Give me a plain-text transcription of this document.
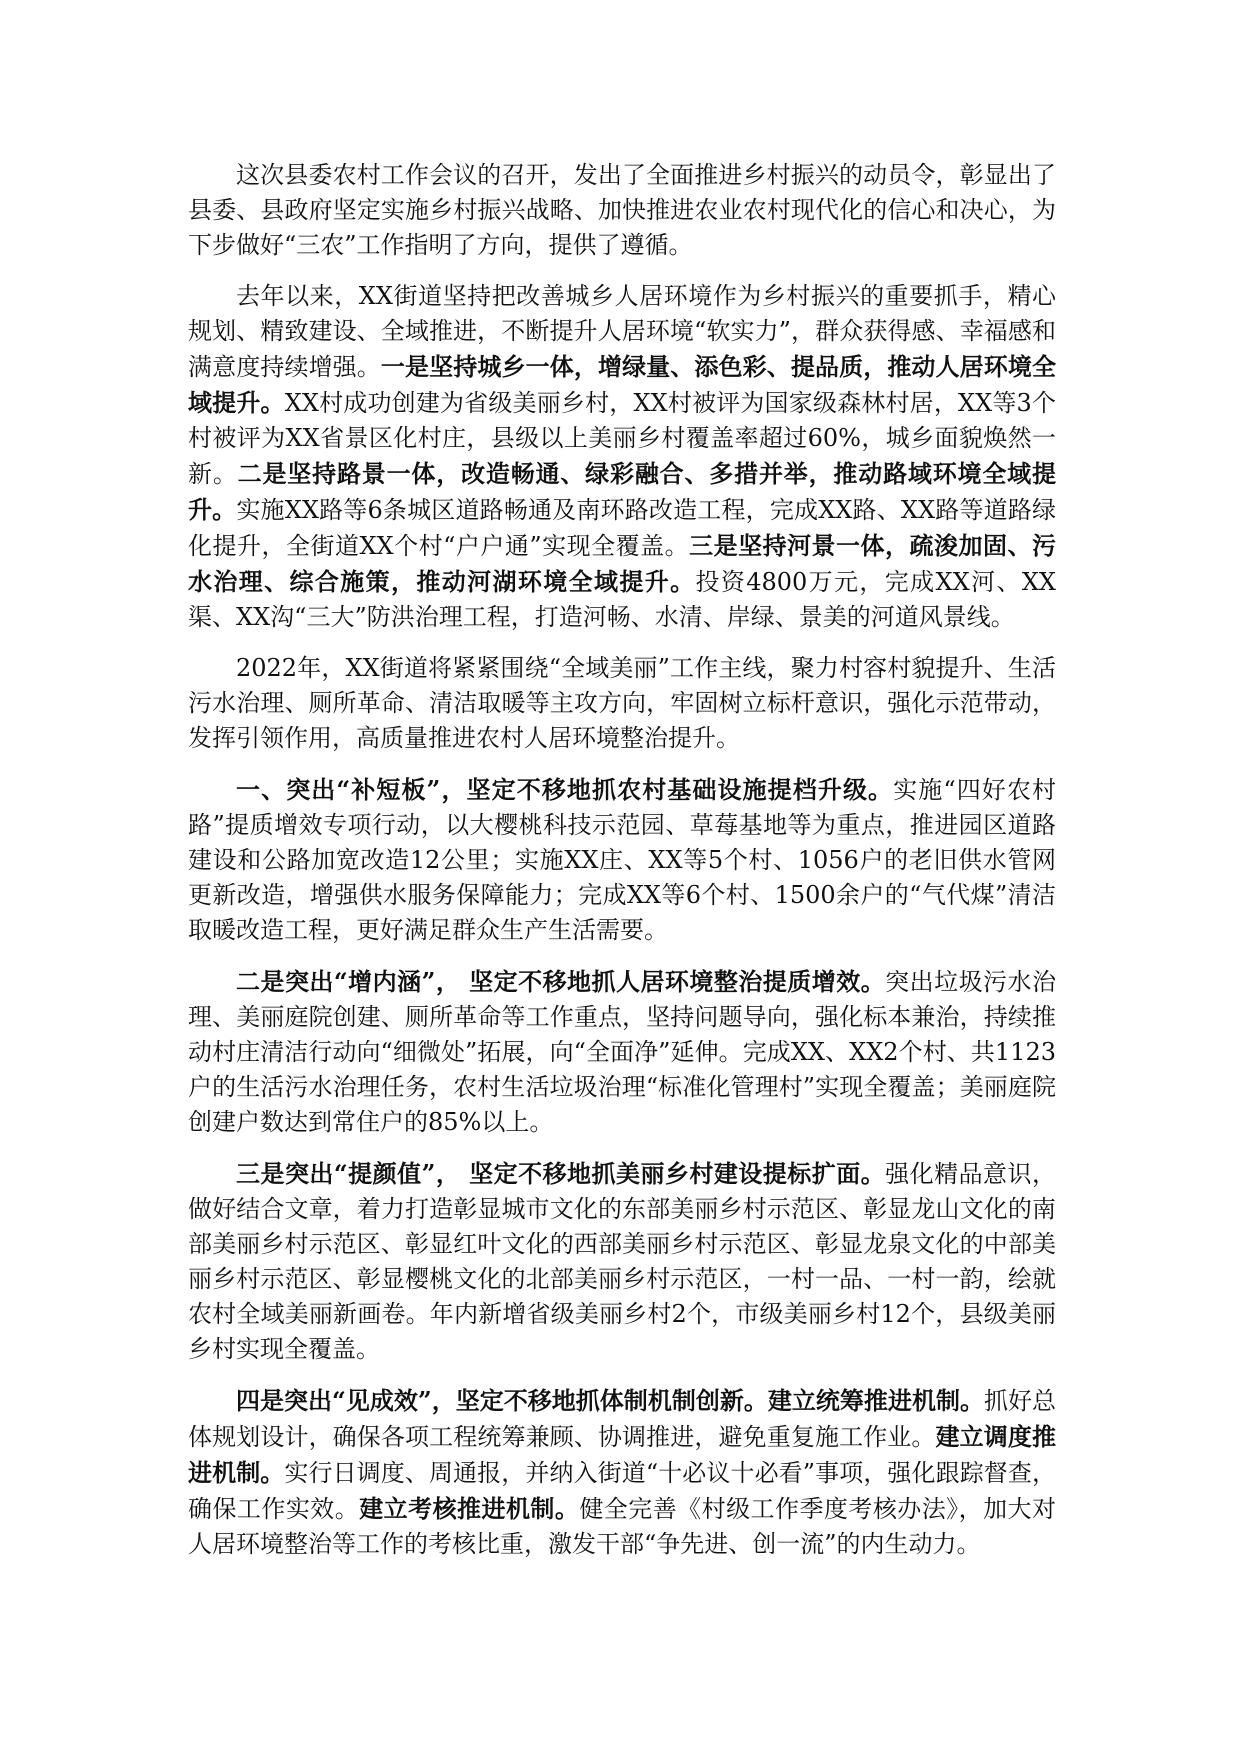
这次县委农村工作会议的召开，发出了全面推进乡村振兴的动员令，彰显出了县委、县政府坚定实施乡村振兴战略、加快推进农业农村现代化的信心和决心，为下步做好“三农”工作指明了方向，提供了遵循。

去年以来，XX街道坚持把改善城乡人居环境作为乡村振兴的重要抓手，精心规划、精致建设、全域推进，不断提升人居环境“软实力”，群众获得感、幸福感和满意度持续增强。一是坚持城乡一体，增绿量、添色彩、提品质，推动人居环境全域提升。XX村成功创建为省级美丽乡村，XX村被评为国家级森林村居，XX等3个村被评为XX省景区化村庄，县级以上美丽乡村覆盖率超过60%，城乡面貌焕然一新。二是坚持路景一体，改造畅通、绿彩融合、多措并举，推动路域环境全域提升。实施XX路等6条城区道路畅通及南环路改造工程，完成XX路、XX路等道路绿化提升，全街道XX个村“户户通”实现全覆盖。三是坚持河景一体，疏浚加固、污水治理、综合施策，推动河湖环境全域提升。投资4800万元，完成XX河、XX渠、XX沟“三大”防洪治理工程，打造河畅、水清、岸绿、景美的河道风景线。

2022年，XX街道将紧紧围绕“全域美丽”工作主线，聚力村容村貌提升、生活污水治理、厕所革命、清洁取暖等主攻方向，牢固树立标杆意识，强化示范带动，发挥引领作用，高质量推进农村人居环境整治提升。

一、突出“补短板”，坚定不移地抓农村基础设施提档升级。实施“四好农村路”提质增效专项行动，以大樱桃科技示范园、草莓基地等为重点，推进园区道路建设和公路加宽改造12公里；实施XX庄、XX等5个村、1056户的老旧供水管网更新改造，增强供水服务保障能力；完成XX等6个村、1500余户的“气代煤”清洁取暖改造工程，更好满足群众生产生活需要。

二是突出“增内涵”， 坚定不移地抓人居环境整治提质增效。突出垃圾污水治理、美丽庭院创建、厕所革命等工作重点，坚持问题导向，强化标本兼治，持续推动村庄清洁行动向“细微处”拓展，向“全面净”延伸。完成XX、XX2个村、共1123户的生活污水治理任务，农村生活垃圾治理“标准化管理村”实现全覆盖；美丽庭院创建户数达到常住户的85%以上。

三是突出“提颜值”， 坚定不移地抓美丽乡村建设提标扩面。强化精品意识，做好结合文章，着力打造彰显城市文化的东部美丽乡村示范区、彰显龙山文化的南部美丽乡村示范区、彰显红叶文化的西部美丽乡村示范区、彰显龙泉文化的中部美丽乡村示范区、彰显樱桃文化的北部美丽乡村示范区，一村一品、一村一韵，绘就农村全域美丽新画卷。年内新增省级美丽乡村2个，市级美丽乡村12个，县级美丽乡村实现全覆盖。

四是突出“见成效”，坚定不移地抓体制机制创新。建立统筹推进机制。抓好总体规划设计，确保各项工程统筹兼顾、协调推进，避免重复施工作业。建立调度推进机制。实行日调度、周通报，并纳入街道“十必议十必看”事项，强化跟踪督查，确保工作实效。建立考核推进机制。健全完善《村级工作季度考核办法》，加大对人居环境整治等工作的考核比重，激发干部“争先进、创一流”的内生动力。
